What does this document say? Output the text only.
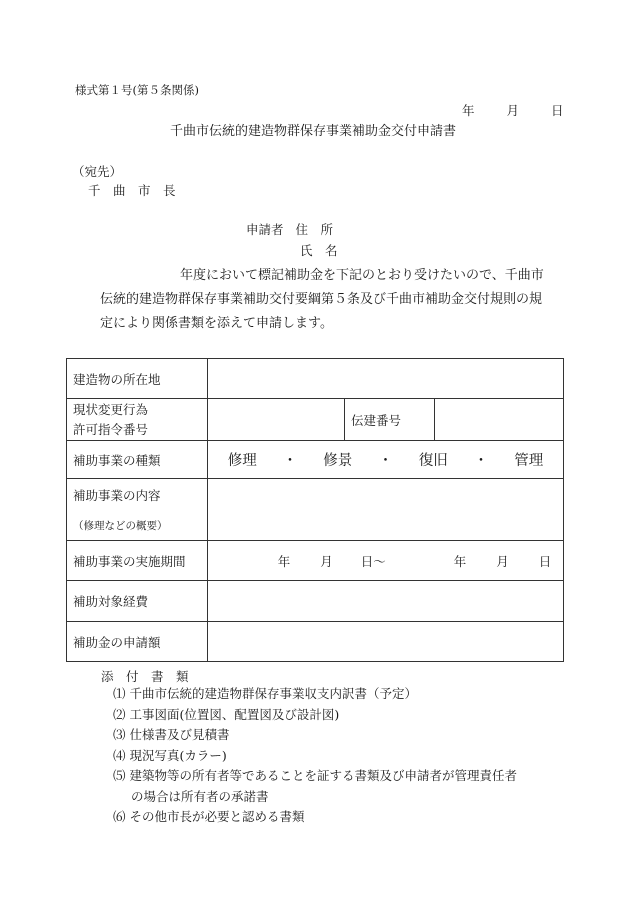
様式第１号(第５条関係)
年	月	日
千曲市伝統的建造物群保存事業補助金交付申請書
（宛先）
千　曲　市　長
申請者 住　所
氏　名

年度において標記補助金を下記のとおり受けたいので、千曲市

伝統的建造物群保存事業補助交付要綱第５条及び千曲市補助金交付規則の規

定により関係書類を添えて申請します。

建造物の所在地			

現状変更行為
許可指令番号		伝建番号	
補助事業の種類	修理 ・ 修景 ・ 復旧 ・ 管理		

補助事業の内容
（修理などの概要）			

補助事業の実施期間	年 月 日～ 年 月 日		
補助対象経費			
補助金の申請額			
添　付　書　類
⑴ 千曲市伝統的建造物群保存事業収支内訳書（予定）
⑵ 工事図面(位置図、配置図及び設計図)
⑶ 仕様書及び見積書
⑷ 現況写真(カラー)
⑸ 建築物等の所有者等であることを証する書類及び申請者が管理責任者
の場合は所有者の承諾書
⑹ その他市長が必要と認める書類
